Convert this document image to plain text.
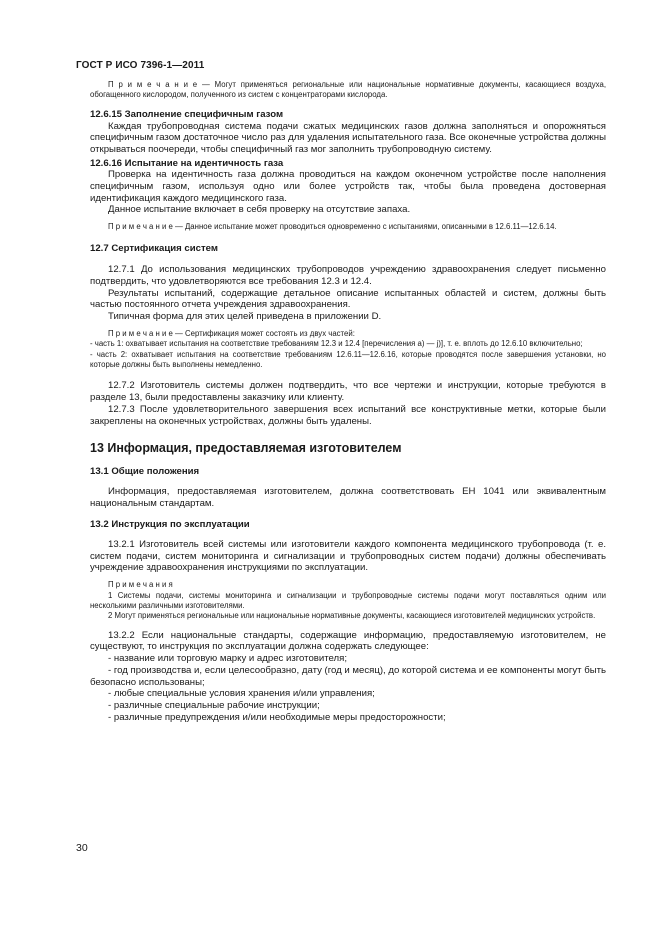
ГОСТ Р ИСО 7396-1—2011

П р и м е ч а н и е — Могут применяться региональные или национальные нормативные документы, касающиеся воздуха, обогащенного кислородом, полученного из систем с концентраторами кислорода.

12.6.15 Заполнение специфичным газом

Каждая трубопроводная система подачи сжатых медицинских газов должна заполняться и опорожняться специфичным газом достаточное число раз для удаления испытательного газа. Все оконечные устройства должны открываться поочереди, чтобы специфичный газ мог заполнить трубопроводную систему.

12.6.16 Испытание на идентичность газа

Проверка на идентичность газа должна проводиться на каждом оконечном устройстве после наполнения специфичным газом, используя одно или более устройств так, чтобы была проведена достоверная идентификация каждого медицинского газа.

Данное испытание включает в себя проверку на отсутствие запаха.

П р и м е ч а н и е — Данное испытание может проводиться одновременно с испытаниями, описанными в 12.6.11—12.6.14.

12.7 Сертификация систем

12.7.1 До использования медицинских трубопроводов учреждению здравоохранения следует письменно подтвердить, что удовлетворяются все требования 12.3 и 12.4.

Результаты испытаний, содержащие детальное описание испытанных областей и систем, должны быть частью постоянного отчета учреждения здравоохранения.

Типичная форма для этих целей приведена в приложении D.

П р и м е ч а н и е — Сертификация может состоять из двух частей:

- часть 1: охватывает испытания на соответствие требованиям 12.3 и 12.4 [перечисления а) — j)], т. е. вплоть до 12.6.10 включительно;

- часть 2: охватывает испытания на соответствие требованиям 12.6.11—12.6.16, которые проводятся после завершения установки, но которые должны быть выполнены немедленно.

12.7.2 Изготовитель системы должен подтвердить, что все чертежи и инструкции, которые требуются в разделе 13, были предоставлены заказчику или клиенту.

12.7.3 После удовлетворительного завершения всех испытаний все конструктивные метки, которые были закреплены на оконечных устройствах, должны быть удалены.

13 Информация, предоставляемая изготовителем

13.1 Общие положения

Информация, предоставляемая изготовителем, должна соответствовать ЕН 1041 или эквивалентным национальным стандартам.

13.2 Инструкция по эксплуатации

13.2.1 Изготовитель всей системы или изготовители каждого компонента медицинского трубопровода (т. е. систем подачи, систем мониторинга и сигнализации и трубопроводных систем подачи) должны обеспечивать учреждение здравоохранения инструкциями по эксплуатации.

П р и м е ч а н и я

1 Системы подачи, системы мониторинга и сигнализации и трубопроводные системы подачи могут поставляться одним или несколькими различными изготовителями.

2 Могут применяться региональные или национальные нормативные документы, касающиеся изготовителей медицинских устройств.

13.2.2 Если национальные стандарты, содержащие информацию, предоставляемую изготовителем, не существуют, то инструкция по эксплуатации должна содержать следующее:

- название или торговую марку и адрес изготовителя;

- год производства и, если целесообразно, дату (год и месяц), до которой система и ее компоненты могут быть безопасно использованы;

- любые специальные условия хранения и/или управления;

- различные специальные рабочие инструкции;

- различные предупреждения и/или необходимые меры предосторожности;

30
